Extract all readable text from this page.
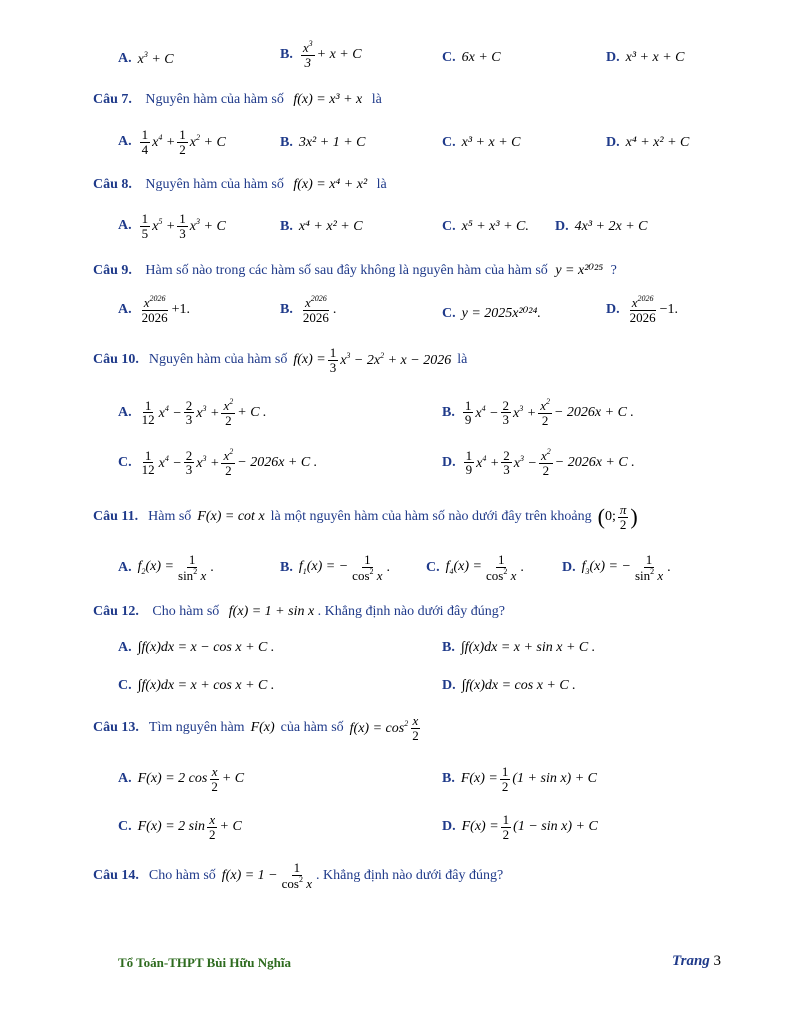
A. $x^3 + C$	B. $\frac{x^3}{3} + x + C$	C. 6x + C	D. x³ + x + C
Câu 7. Nguyên hàm của hàm số f(x) = x³ + x là
A. $\frac{1}{4} x^4 + \frac{1}{2} x^2 + C$	B. 3x² + 1 + C	C. x³ + x + C	D. x⁴ + x² + C
Câu 8. Nguyên hàm của hàm số f(x) = x⁴ + x² là
A. $\frac{1}{5} x^5 + \frac{1}{3} x^3 + C$	B. x⁴ + x² + C	C. x⁵ + x³ + C. D. 4x³ + 2x + C
Câu 9. Hàm số nào trong các hàm số sau đây không là nguyên hàm của hàm số y = x²⁰²⁵ ?
A. $\frac{x^{2026}}{2026} +1$.	B. $\frac{x^{2026}}{2026}$ .	C. y = 2025x²⁰²⁴.	D. $\frac{x^{2026}}{2026} -1$.
Câu 10. Nguyên hàm của hàm số $f(x) = \frac{1}{3} x^3 - 2x^2 + x - 2026$ là
A. $\frac{1}{12} x^4 - \frac{2}{3} x^3 + \frac{x^2}{2} + C$ .	B. $\frac{1}{9} x^4 - \frac{2}{3} x^3 + \frac{x^2}{2} - 2026x + C$ .
C. $\frac{1}{12} x^4 - \frac{2}{3} x^3 + \frac{x^2}{2} - 2026x + C$ .	D. $\frac{1}{9} x^4 + \frac{2}{3} x^3 - \frac{x^2}{2} - 2026x + C$ .
Câu 11. Hàm số F(x) = cot x là một nguyên hàm của hàm số nào dưới đây trên khoảng ( 0; $\frac{\pi}{2}$ )
A. $f_2(x) = \frac{1}{\sin^2 x}$ .	B. $f_1(x)$ = − $\frac{1}{\cos^2 x}$ .	C. $f_4(x) = \frac{1}{\cos^2 x}$ .	D. $f_3(x)$ = − $\frac{1}{\sin^2 x}$ .
Câu 12. Cho hàm số f(x) = 1 + sin x . Khẳng định nào dưới đây đúng?
A. ∫f(x)dx = x − cos x + C .	B. ∫f(x)dx = x + sin x + C .
C. ∫f(x)dx = x + cos x + C .	D. ∫f(x)dx = cos x + C .
Câu 13. Tìm nguyên hàm F(x) của hàm số $f(x) = \cos^2 \frac{x}{2}$
A. F(x) = 2 $\cos \frac{x}{2} + C$	B. $F(x) = \frac{1}{2} (1 + \sin x) + C$
C. F(x) = 2 $\sin \frac{x}{2} + C$	D. $F(x) = \frac{1}{2} (1 - \sin x) + C$
Câu 14. Cho hàm số $f(x) = 1 - \frac{1}{\cos^2 x}$ . Khẳng định nào dưới đây đúng?
Tổ Toán-THPT Bùi Hữu Nghĩa	Trang 3
